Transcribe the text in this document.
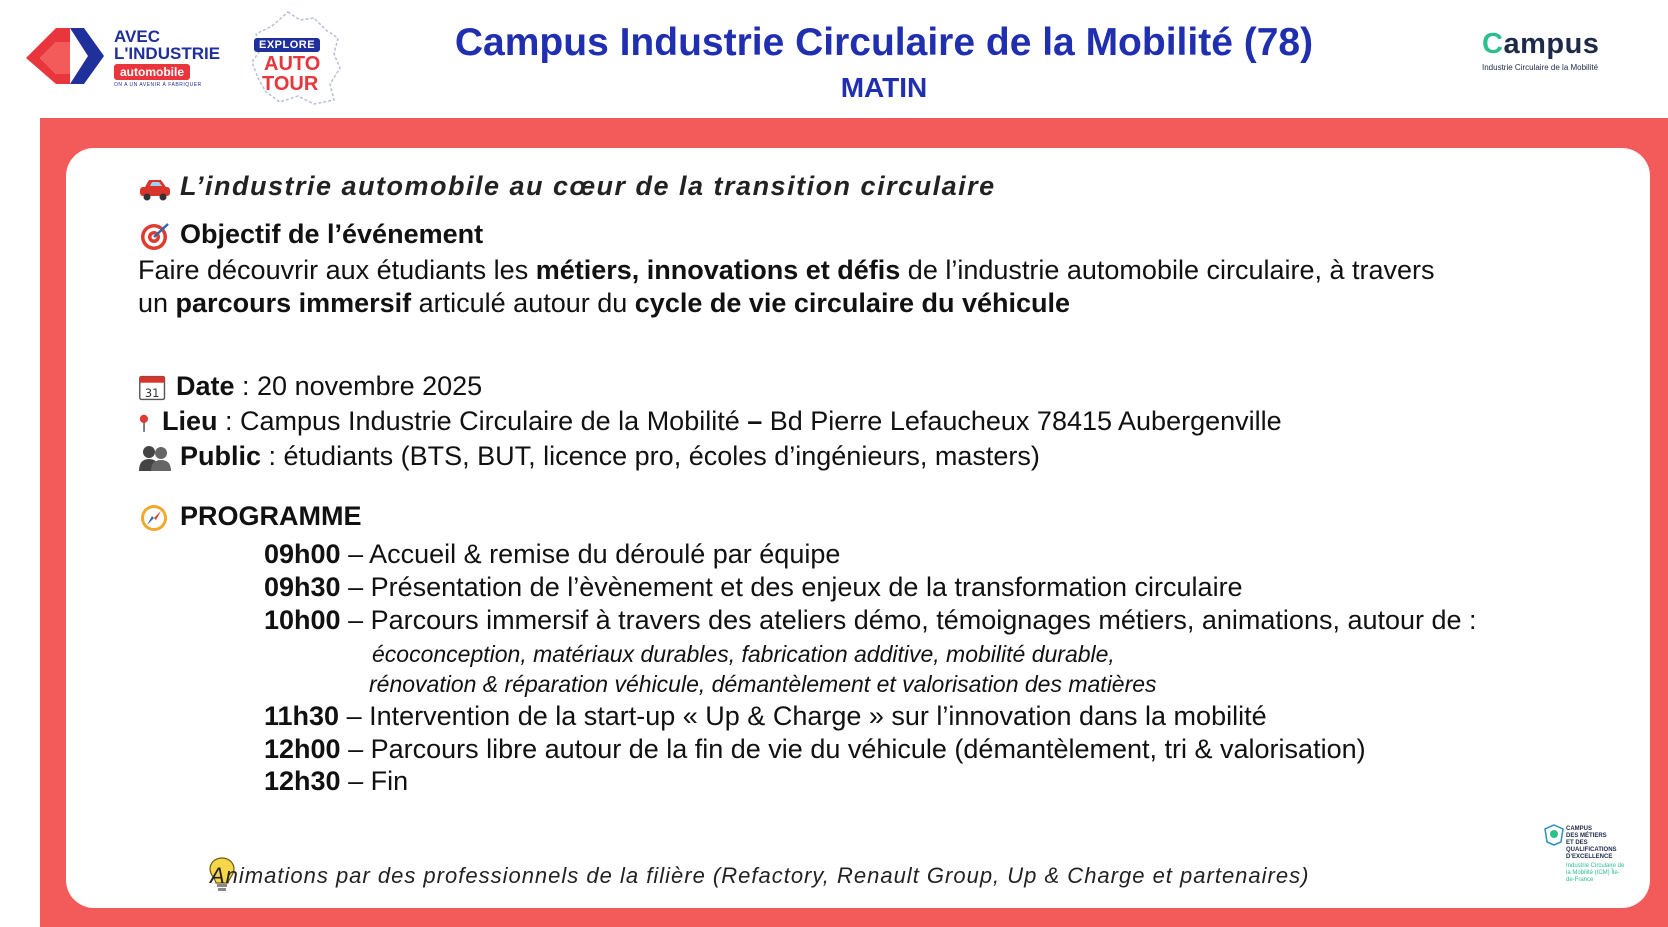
AVEC
L'INDUSTRIE
automobile
ON A UN AVENIR À FABRIQUER
EXPLORE
AUTO
TOUR
Campus Industrie Circulaire de la Mobilité (78)
MATIN
Campus
Industrie Circulaire de la Mobilité
L’industrie automobile au cœur de la transition circulaire
Objectif de l’événement
Faire découvrir aux étudiants les métiers, innovations et défis de l’industrie automobile circulaire, à travers
un parcours immersif articulé autour du cycle de vie circulaire du véhicule
31 Date : 20 novembre 2025
Lieu : Campus Industrie Circulaire de la Mobilité – Bd Pierre Lefaucheux 78415 Aubergenville
Public : étudiants (BTS, BUT, licence pro, écoles d’ingénieurs, masters)
PROGRAMME
09h00 – Accueil & remise du déroulé par équipe
09h30 – Présentation de l’èvènement et des enjeux de la transformation circulaire
10h00 – Parcours immersif à travers des ateliers démo, témoignages métiers, animations, autour de :
écoconception, matériaux durables, fabrication additive, mobilité durable,
rénovation & réparation véhicule, démantèlement et valorisation des matières
11h30 – Intervention de la start-up « Up & Charge » sur l’innovation dans la mobilité
12h00 – Parcours libre autour de la fin de vie du véhicule (démantèlement, tri & valorisation)
12h30 – Fin
Animations par des professionnels de la filière (Refactory, Renault Group, Up & Charge et partenaires)
CAMPUS
DES MÉTIERS
ET DES
QUALIFICATIONS
D’EXCELLENCE
Industrie Circulaire de la Mobilité (ICM) Île-de-France
